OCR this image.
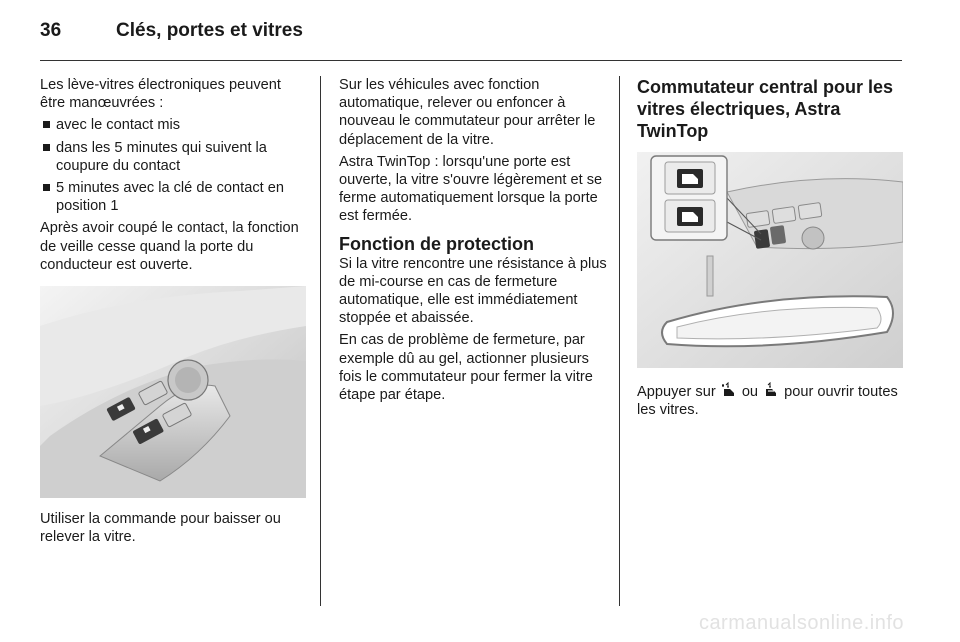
36	Clés, portes et vitres

Les lève-vitres électroniques peuvent être manœuvrées :

avec le contact mis
dans les 5 minutes qui suivent la coupure du contact
5 minutes avec la clé de contact en position 1

Après avoir coupé le contact, la fonction de veille cesse quand la porte du conducteur est ouverte.

Utiliser la commande pour baisser ou relever la vitre.

Sur les véhicules avec fonction automatique, relever ou enfoncer à nouveau le commutateur pour arrêter le déplacement de la vitre.

Astra TwinTop : lorsqu'une porte est ouverte, la vitre s'ouvre légèrement et se ferme automatiquement lorsque la porte est fermée.

Fonction de protection

Si la vitre rencontre une résistance à plus de mi-course en cas de fermeture automatique, elle est immédiatement stoppée et abaissée.

En cas de problème de fermeture, par exemple dû au gel, actionner plusieurs fois le commutateur pour fermer la vitre étape par étape.

Commutateur central pour les vitres électriques, Astra TwinTop

Appuyer sur ou pour ouvrir toutes les vitres.

carmanualsonline.info
